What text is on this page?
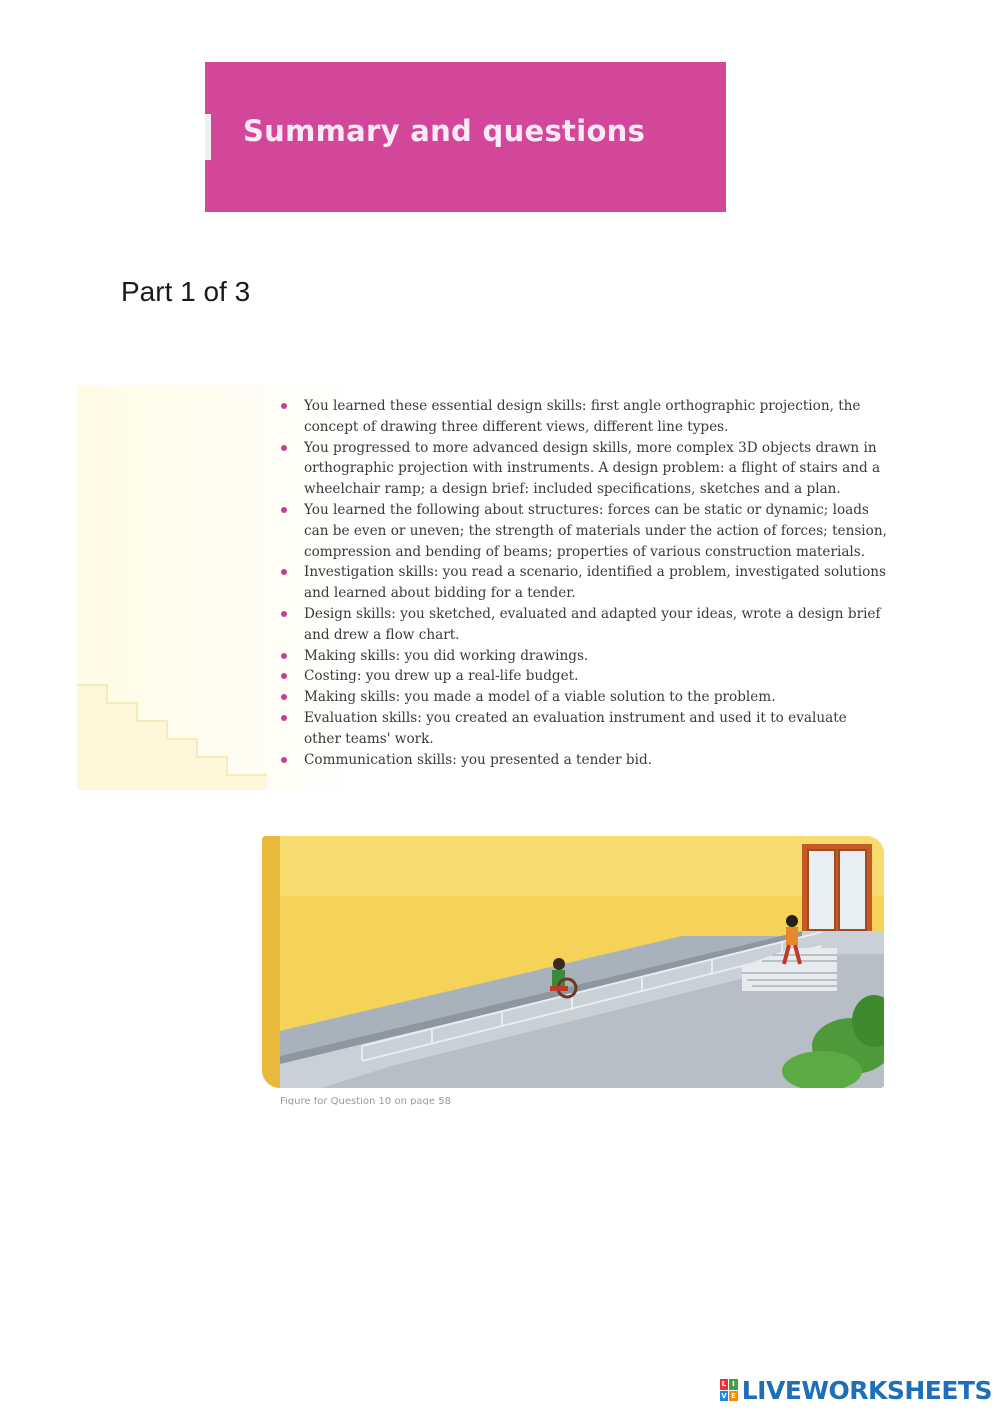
Summary and questions
Part 1 of 3
You learned these essential design skills: first angle orthographic projection, the concept of drawing three different views, different line types.
You progressed to more advanced design skills, more complex 3D objects drawn in orthographic projection with instruments. A design problem: a flight of stairs and a wheelchair ramp; a design brief: included specifications, sketches and a plan.
You learned the following about structures: forces can be static or dynamic; loads can be even or uneven; the strength of materials under the action of forces; tension, compression and bending of beams; properties of various construction materials.
Investigation skills: you read a scenario, identified a problem, investigated solutions and learned about bidding for a tender.
Design skills: you sketched, evaluated and adapted your ideas, wrote a design brief and drew a flow chart.
Making skills: you did working drawings.
Costing: you drew up a real-life budget.
Making skills: you made a model of a viable solution to the problem.
Evaluation skills: you created an evaluation instrument and used it to evaluate other teams' work.
Communication skills: you presented a tender bid.
Figure for Question 10 on page 58
L I
V E LIVEWORKSHEETS
